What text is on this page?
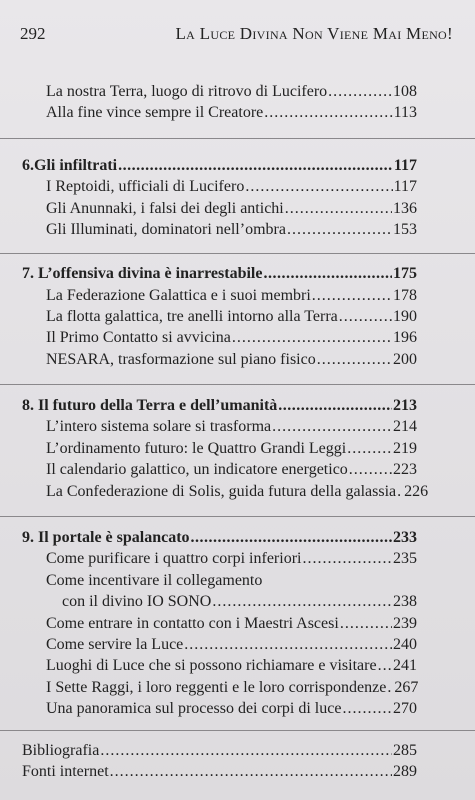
292	La Luce Divina Non Viene Mai Meno!
La nostra Terra, luogo di ritrovo di Lucifero .....	108
Alla fine vince sempre il Creatore .....	113
6.Gli infiltrati .....	117
I Reptoidi, ufficiali di Lucifero .....	117
Gli Anunnaki, i falsi dei degli antichi .....	136
Gli Illuminati, dominatori nell’ombra .....	153
7. L’offensiva divina è inarrestabile .....	175
La Federazione Galattica e i suoi membri .....	178
La flotta galattica, tre anelli intorno alla Terra .....	190
Il Primo Contatto si avvicina .....	196
NESARA, trasformazione sul piano fisico .....	200
8. Il futuro della Terra e dell’umanità .....	213
L’intero sistema solare si trasforma .....	214
L’ordinamento futuro: le Quattro Grandi Leggi .....	219
Il calendario galattico, un indicatore energetico .....	223
La Confederazione di Solis, guida futura della galassia ..... 226
9. Il portale è spalancato .....	233
Come purificare i quattro corpi inferiori .....	235
Come incentivare il collegamento
con il divino IO SONO .....	238
Come entrare in contatto con i Maestri Ascesi .....	239
Come servire la Luce .....	240
Luoghi di Luce che si possono richiamare e visitare ..... 241
I Sette Raggi, i loro reggenti e le loro corrispondenze ..... 267
Una panoramica sul processo dei corpi di luce .....	270
Bibliografia .....	285
Fonti internet .....	289
